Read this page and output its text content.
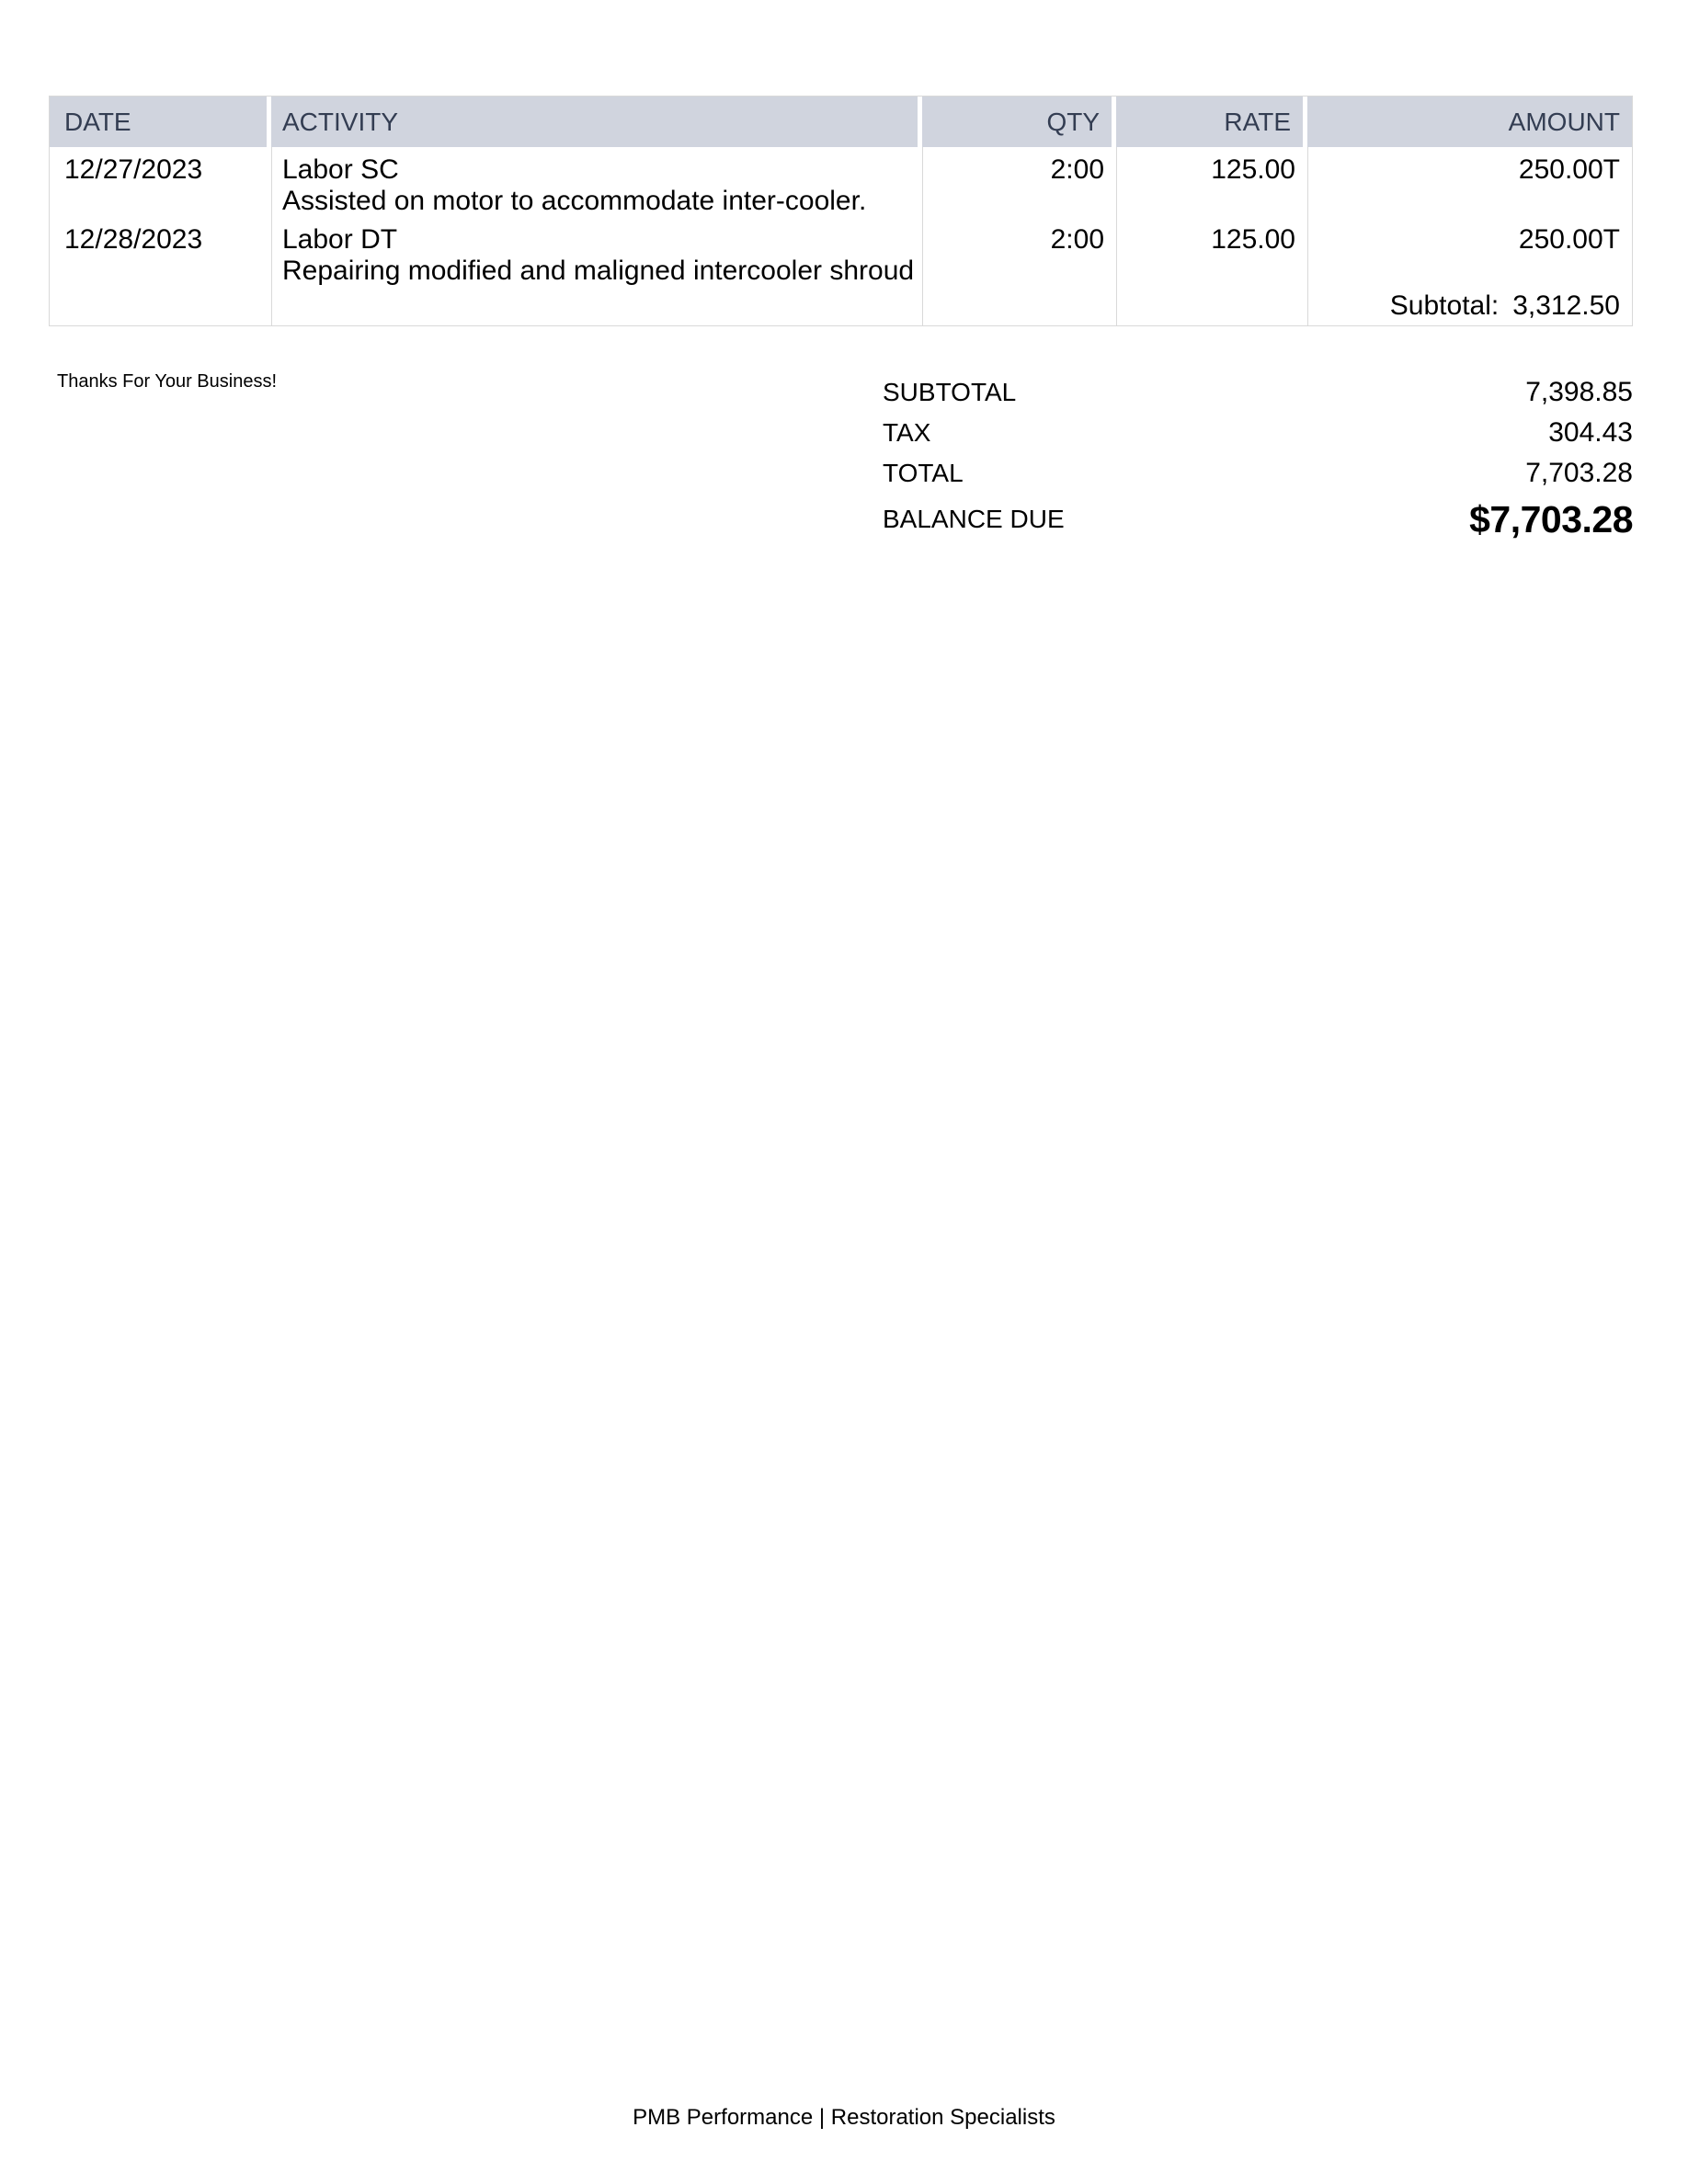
DATE	ACTIVITY	QTY	RATE	AMOUNT
12/27/2023	Labor SC	2:00	125.00	250.00T
Assisted on motor to accommodate inter-cooler.
12/28/2023	Labor DT	2:00	125.00	250.00T
Repairing modified and maligned intercooler shroud
Subtotal: 3,312.50
Thanks For Your Business!	SUBTOTAL	7,398.85
TAX	304.43
TOTAL	7,703.28
BALANCE DUE	$7,703.28
PMB Performance | Restoration Specialists
